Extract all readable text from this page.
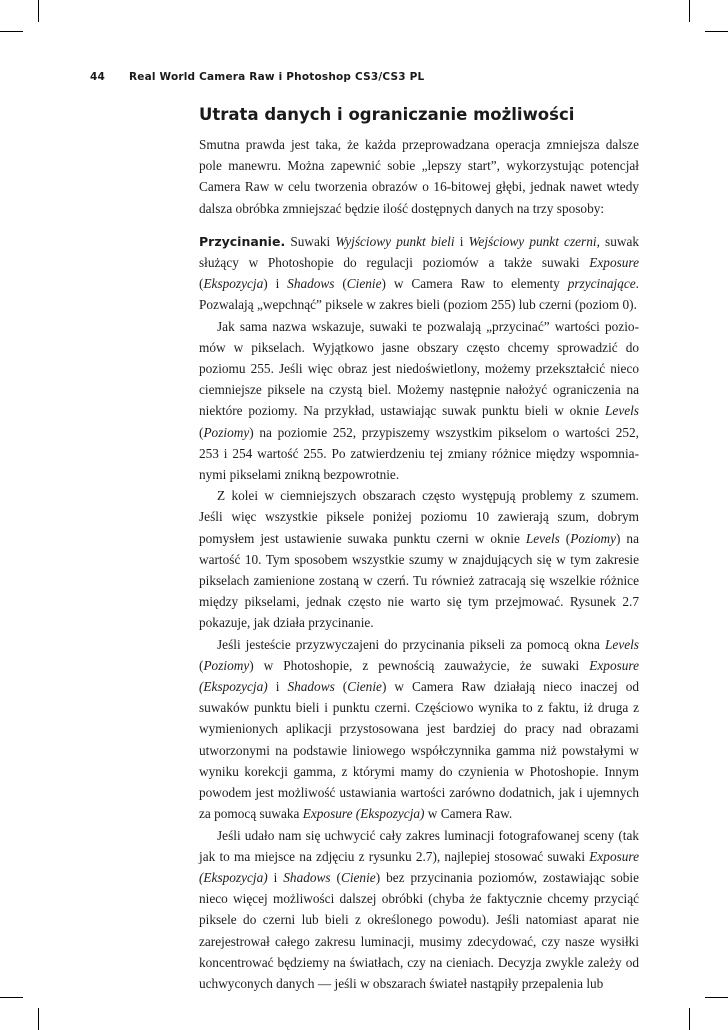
44 Real World Camera Raw i Photoshop CS3/CS3 PL
Utrata danych i ograniczanie możliwości

Smutna prawda jest taka, że każda przeprowadzana operacja zmniejsza dalsze pole manewru. Można zapewnić sobie „lepszy start”, wykorzystując potencjał Camera Raw w celu tworzenia obrazów o 16-bitowej głębi, jednak nawet wtedy dalsza obróbka zmniejszać będzie ilość dostępnych danych na trzy sposoby:

Przycinanie. Suwaki Wyjściowy punkt bieli i Wejściowy punkt czerni, suwak służący w Photoshopie do regulacji poziomów a także suwaki Exposure (Ekspozycja) i Shadows (Cienie) w Camera Raw to elementy przycinające. Pozwalają „wepchnąć” piksele w zakres bieli (poziom 255) lub czerni (poziom 0).

Jak sama nazwa wskazuje, suwaki te pozwalają „przycinać” wartości poziomów w pikselach. Wyjątkowo jasne obszary często chcemy sprowadzić do poziomu 255. Jeśli więc obraz jest niedoświetlony, możemy przekształcić nieco ciemniejsze piksele na czystą biel. Możemy następnie nałożyć ograniczenia na niektóre poziomy. Na przykład, ustawiając suwak punktu bieli w oknie Levels (Poziomy) na poziomie 252, przypiszemy wszystkim pikselom o wartości 252, 253 i 254 wartość 255. Po zatwierdzeniu tej zmiany różnice między wspomnianymi pikselami znikną bezpowrotnie.

Z kolei w ciemniejszych obszarach często występują problemy z szumem. Jeśli więc wszystkie piksele poniżej poziomu 10 zawierają szum, dobrym pomysłem jest ustawienie suwaka punktu czerni w oknie Levels (Poziomy) na wartość 10. Tym sposobem wszystkie szumy w znajdujących się w tym zakresie pikselach zamienione zostaną w czerń. Tu również zatracają się wszelkie różnice między pikselami, jednak często nie warto się tym przejmować. Rysunek 2.7 pokazuje, jak działa przycinanie.

Jeśli jesteście przyzwyczajeni do przycinania pikseli za pomocą okna Levels (Poziomy) w Photoshopie, z pewnością zauważycie, że suwaki Exposure (Ekspozycja) i Shadows (Cienie) w Camera Raw działają nieco inaczej od suwaków punktu bieli i punktu czerni. Częściowo wynika to z faktu, iż druga z wymienionych aplikacji przystosowana jest bardziej do pracy nad obrazami utworzonymi na podstawie liniowego współczynnika gamma niż powstałymi w wyniku korekcji gamma, z którymi mamy do czynienia w Photoshopie. Innym powodem jest możliwość ustawiania wartości zarówno dodatnich, jak i ujemnych za pomocą suwaka Exposure (Ekspozycja) w Camera Raw.

Jeśli udało nam się uchwycić cały zakres luminacji fotografowanej sceny (tak jak to ma miejsce na zdjęciu z rysunku 2.7), najlepiej stosować suwaki Exposure (Ekspozycja) i Shadows (Cienie) bez przycinania poziomów, zostawiając sobie nieco więcej możliwości dalszej obróbki (chyba że faktycznie chcemy przyciąć piksele do czerni lub bieli z określonego powodu). Jeśli natomiast aparat nie zarejestrował całego zakresu luminacji, musimy zdecydować, czy nasze wysiłki koncentrować będziemy na światłach, czy na cieniach. Decyzja zwykle zależy od uchwyconych danych — jeśli w obszarach świateł nastąpiły przepalenia lub
